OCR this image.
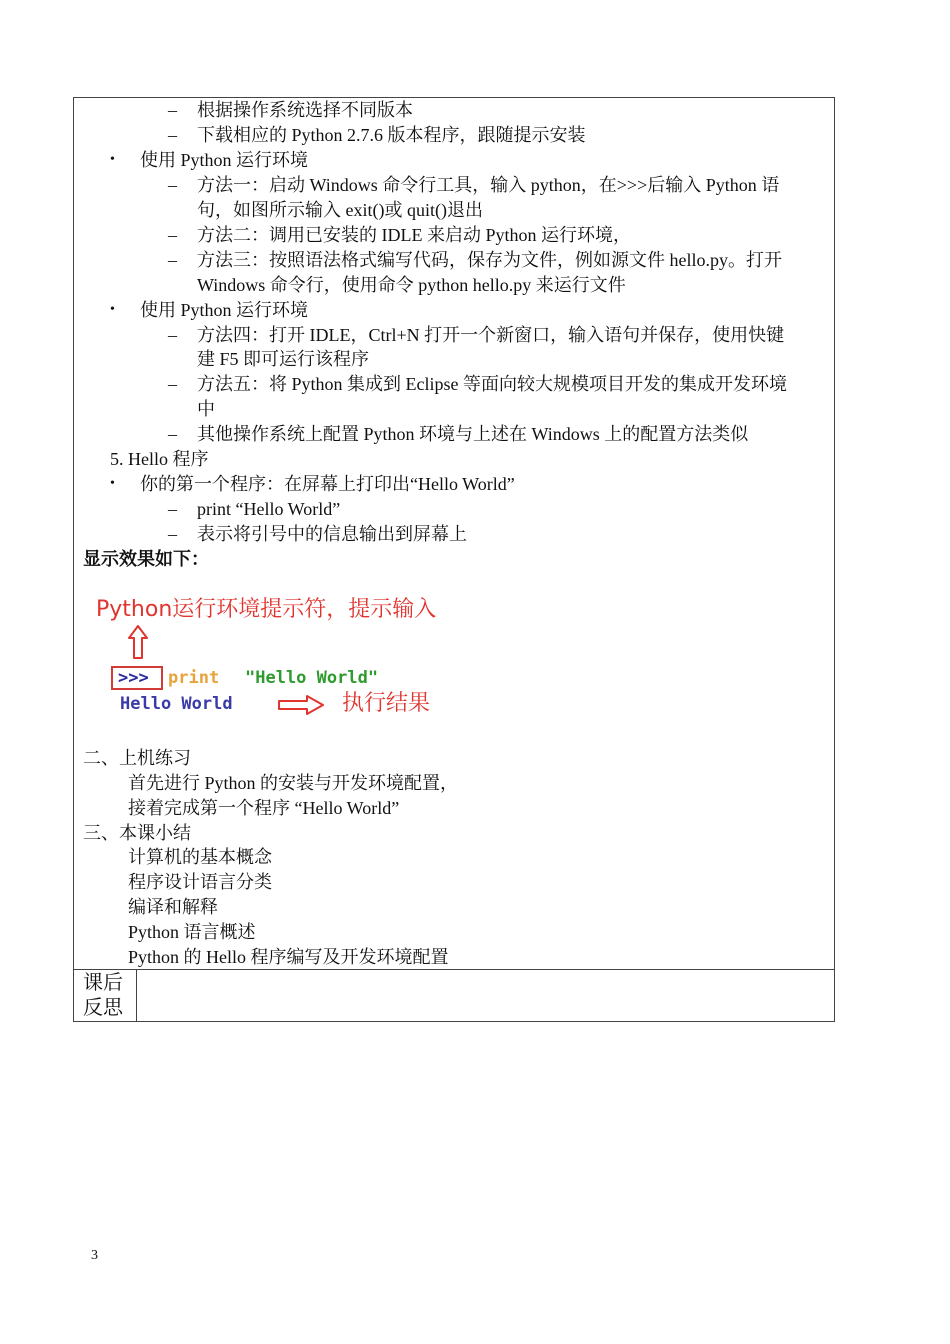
– 根据操作系统选择不同版本
– 下载相应的 Python 2.7.6 版本程序，跟随提示安装
• 使用 Python 运行环境
– 方法一：启动 Windows 命令行工具，输入 python，在>>>后输入 Python 语
句，如图所示输入 exit()或 quit()退出
– 方法二：调用已安装的 IDLE 来启动 Python 运行环境，
– 方法三：按照语法格式编写代码，保存为文件，例如源文件 hello.py。打开
Windows 命令行，使用命令 python hello.py 来运行文件
• 使用 Python 运行环境
– 方法四：打开 IDLE，Ctrl+N 打开一个新窗口，输入语句并保存，使用快键
建 F5 即可运行该程序
– 方法五：将 Python 集成到 Eclipse 等面向较大规模项目开发的集成开发环境
中
– 其他操作系统上配置 Python 环境与上述在 Windows 上的配置方法类似
5. Hello 程序
• 你的第一个程序：在屏幕上打印出“Hello World”
– print “Hello World”
– 表示将引号中的信息输出到屏幕上
显示效果如下：
Python运行环境提示符，提示输入
>>> print "Hello World"
Hello World	执行结果
二、上机练习
首先进行 Python 的安装与开发环境配置，
接着完成第一个程序 “Hello World”
三、本课小结
计算机的基本概念
程序设计语言分类
编译和解释
Python 语言概述
Python 的 Hello 程序编写及开发环境配置
课后
反思
3
